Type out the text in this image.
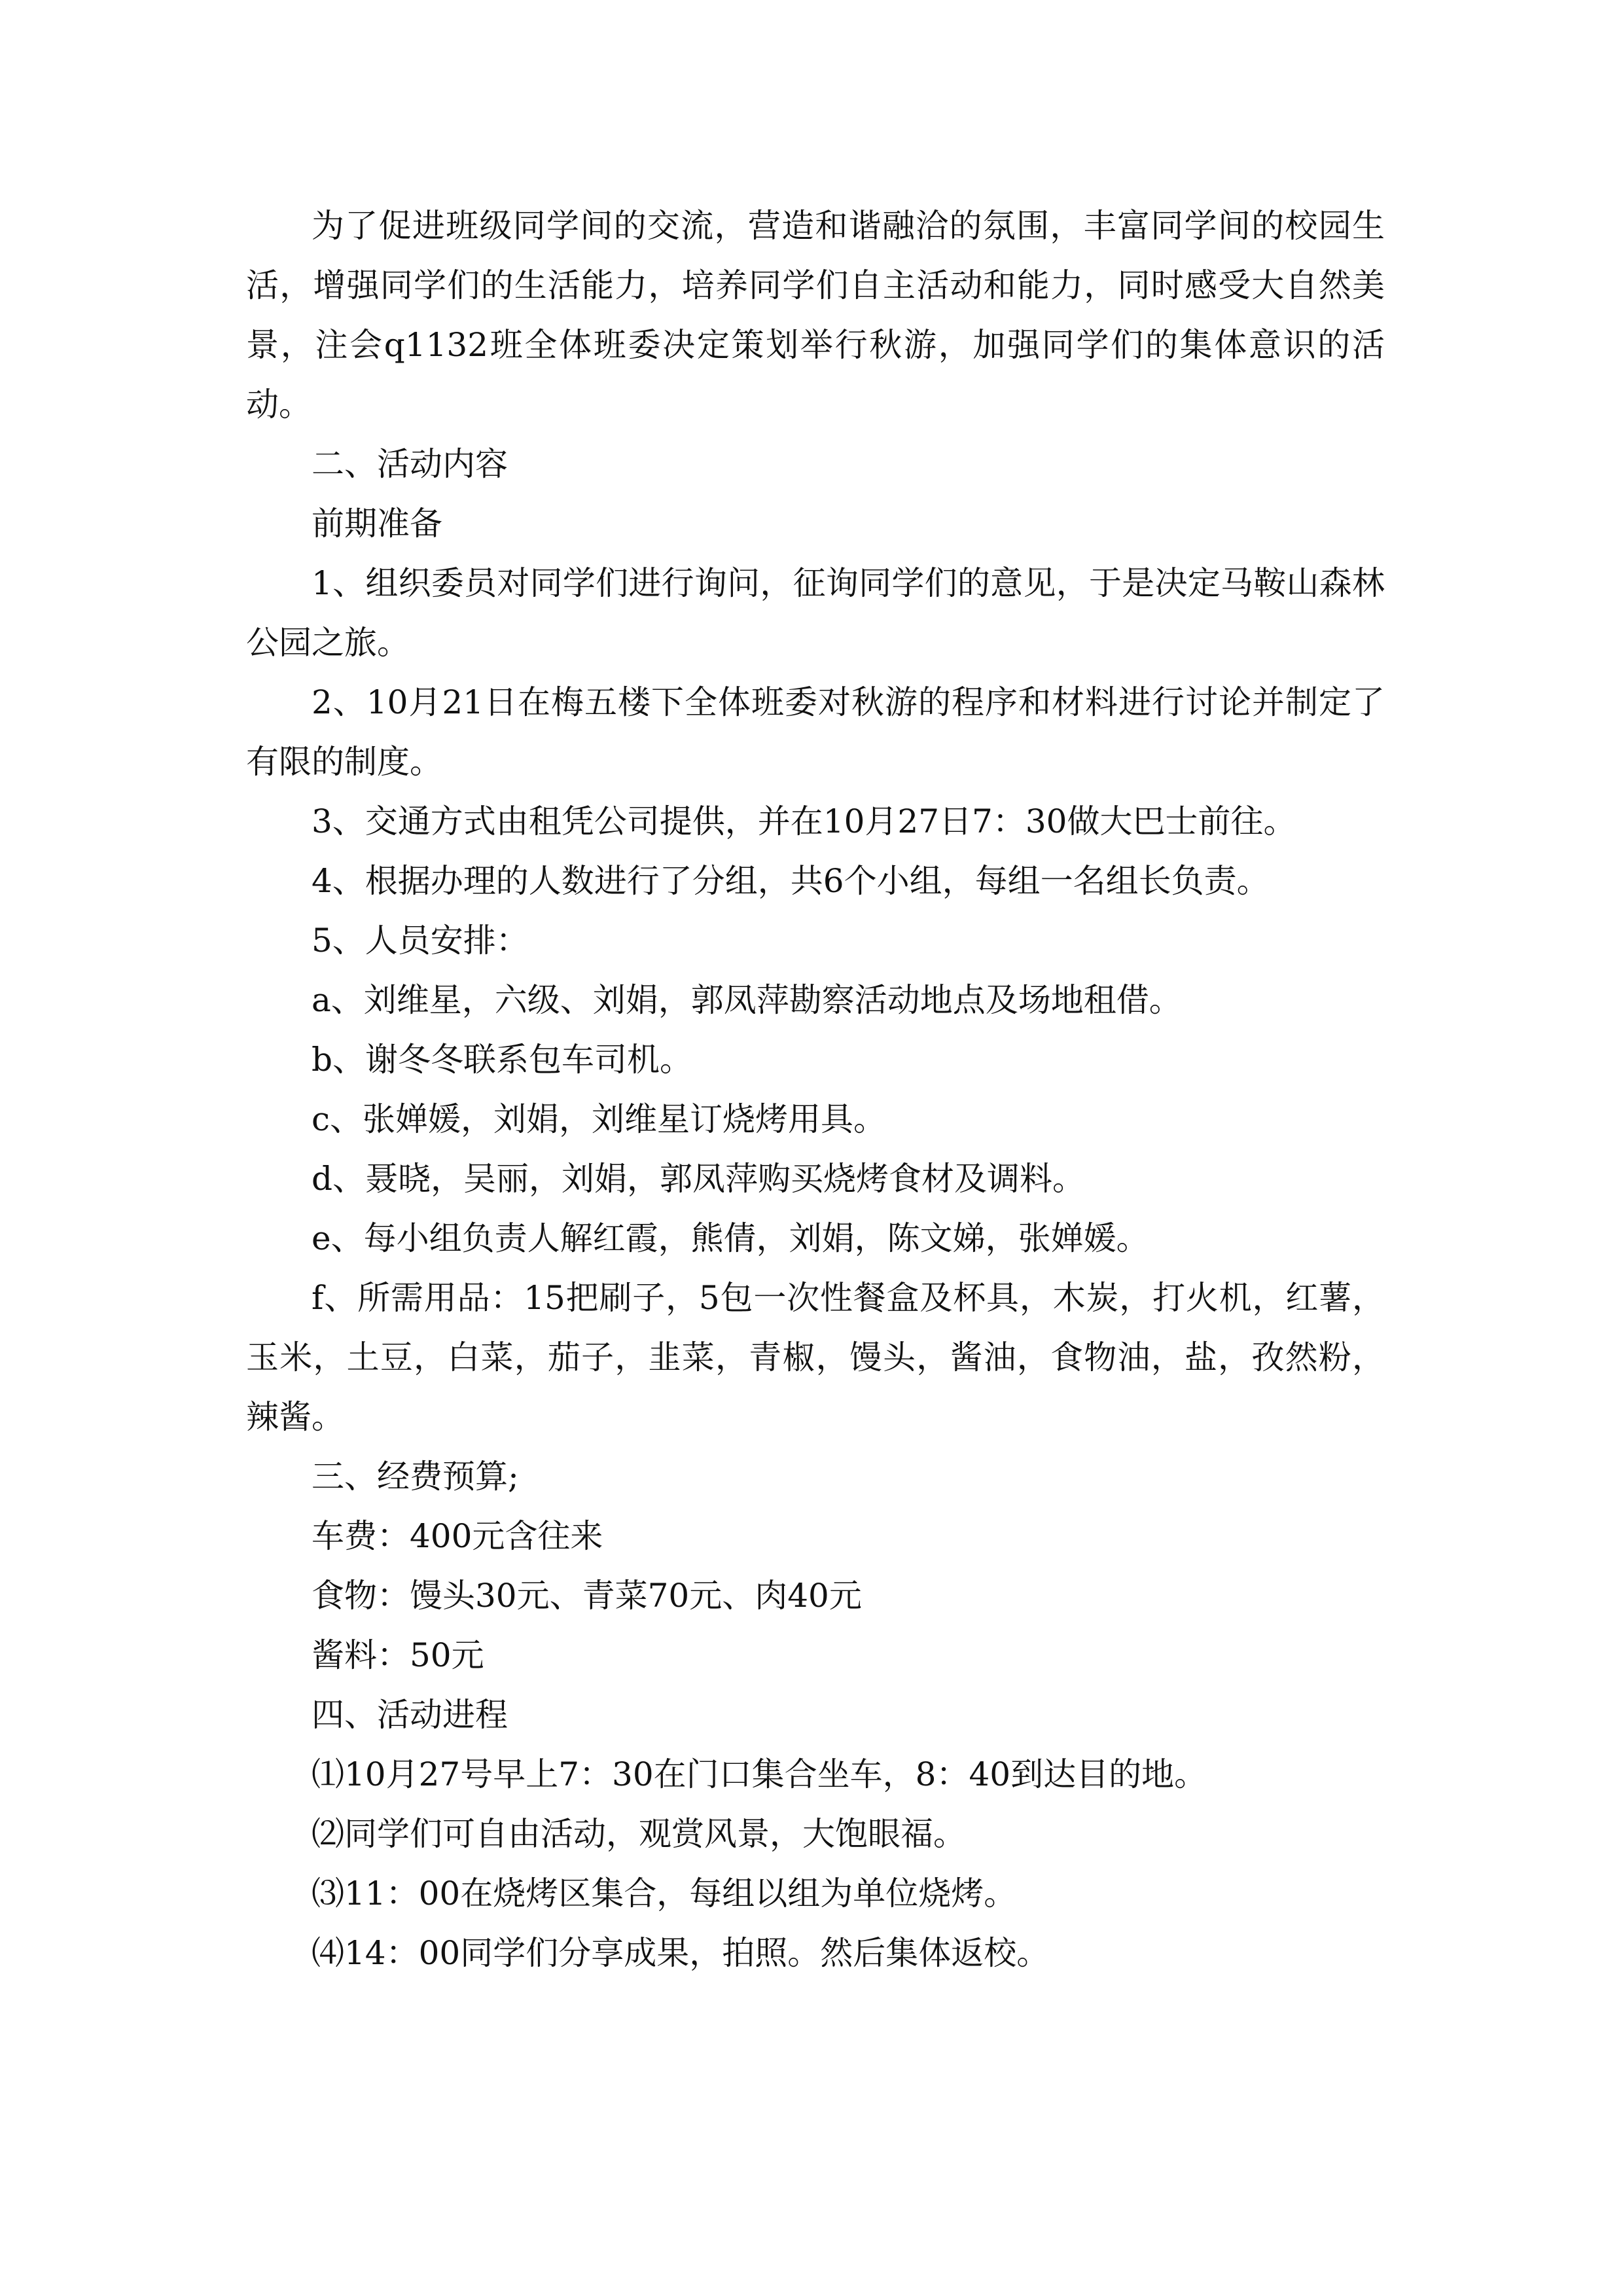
为了促进班级同学间的交流，营造和谐融洽的氛围，丰富同学间的校园生活，增强同学们的生活能力，培养同学们自主活动和能力，同时感受大自然美景，注会q1132班全体班委决定策划举行秋游，加强同学们的集体意识的活动。

二、活动内容

前期准备

1、组织委员对同学们进行询问，征询同学们的意见，于是决定马鞍山森林公园之旅。

2、10月21日在梅五楼下全体班委对秋游的程序和材料进行讨论并制定了有限的制度。

3、交通方式由租凭公司提供，并在10月27日7：30做大巴士前往。

4、根据办理的人数进行了分组，共6个小组，每组一名组长负责。

5、人员安排：

a、刘维星，六级、刘娟，郭凤萍勘察活动地点及场地租借。

b、谢冬冬联系包车司机。

c、张婵媛，刘娟，刘维星订烧烤用具。

d、聂晓，吴丽，刘娟，郭凤萍购买烧烤食材及调料。

e、每小组负责人解红霞，熊倩，刘娟，陈文娣，张婵媛。

f、所需用品：15把刷子，5包一次性餐盒及杯具，木炭，打火机，红薯，玉米，土豆，白菜，茄子，韭菜，青椒，馒头，酱油，食物油，盐，孜然粉，辣酱。

三、经费预算;

车费：400元含往来

食物：馒头30元、青菜70元、肉40元

酱料：50元

四、活动进程

⑴10月27号早上7：30在门口集合坐车，8：40到达目的地。

⑵同学们可自由活动，观赏风景，大饱眼福。

⑶11：00在烧烤区集合，每组以组为单位烧烤。

⑷14：00同学们分享成果，拍照。然后集体返校。
